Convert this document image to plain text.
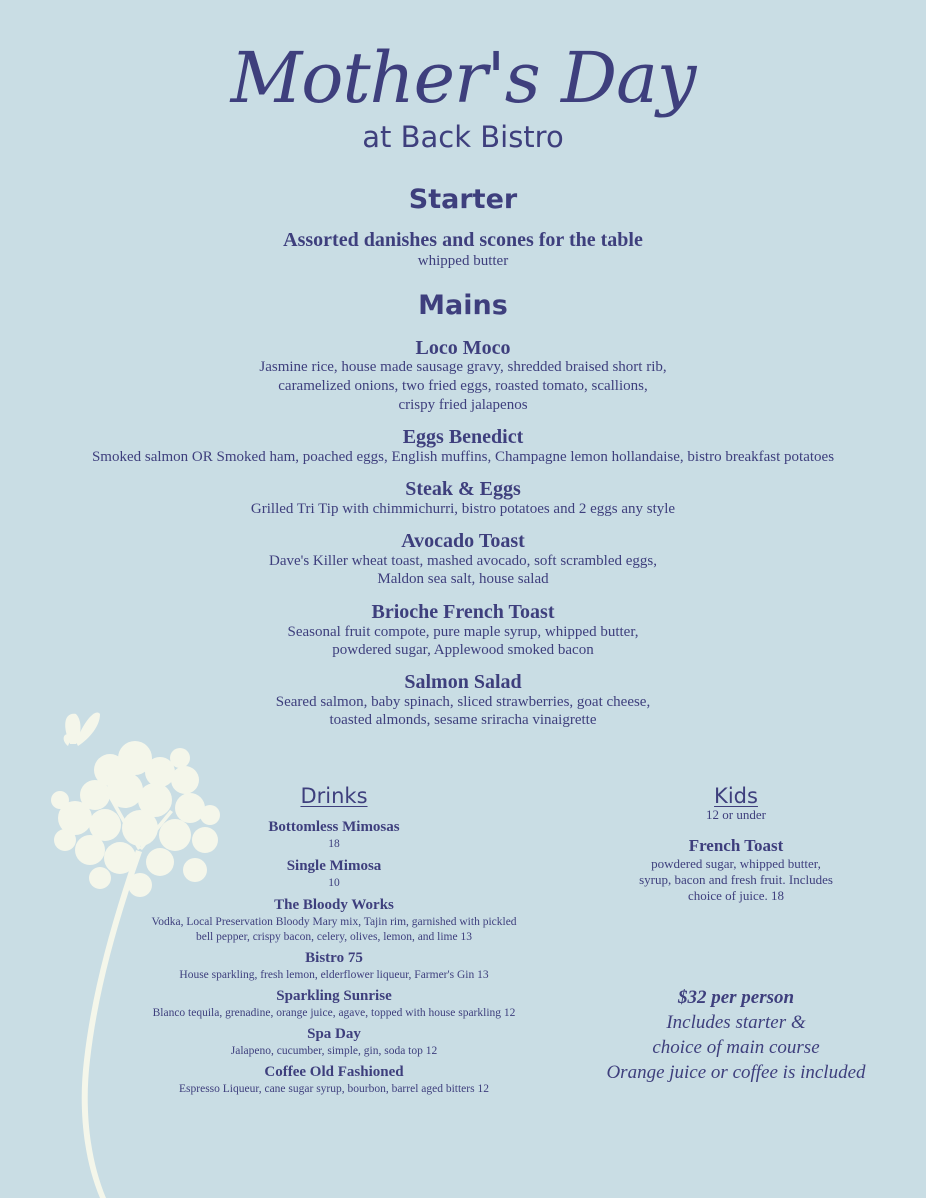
Mother's Day
at Back Bistro
Starter
Assorted danishes and scones for the table
whipped butter
Mains
Loco Moco
Jasmine rice, house made sausage gravy, shredded braised short rib,
caramelized onions, two fried eggs, roasted tomato, scallions,
crispy fried jalapenos
Eggs Benedict
Smoked salmon OR Smoked ham, poached eggs, English muffins, Champagne lemon hollandaise, bistro breakfast potatoes
Steak & Eggs
Grilled Tri Tip with chimmichurri, bistro potatoes and 2 eggs any style
Avocado Toast
Dave's Killer wheat toast, mashed avocado, soft scrambled eggs,
Maldon sea salt, house salad
Brioche French Toast
Seasonal fruit compote, pure maple syrup, whipped butter,
powdered sugar, Applewood smoked bacon
Salmon Salad
Seared salmon, baby spinach, sliced strawberries, goat cheese,
toasted almonds, sesame sriracha vinaigrette
Drinks
Bottomless Mimosas
18
Single Mimosa
10
The Bloody Works
Vodka, Local Preservation Bloody Mary mix, Tajin rim, garnished with pickled
bell pepper, crispy bacon, celery, olives, lemon, and lime 13
Bistro 75
House sparkling, fresh lemon, elderflower liqueur, Farmer's Gin 13
Sparkling Sunrise
Blanco tequila, grenadine, orange juice, agave, topped with house sparkling 12
Spa Day
Jalapeno, cucumber, simple, gin, soda top 12
Coffee Old Fashioned
Espresso Liqueur, cane sugar syrup, bourbon, barrel aged bitters 12
Kids
12 or under
French Toast
powdered sugar, whipped butter,
syrup, bacon and fresh fruit. Includes
choice of juice. 18
$32 per person
Includes starter &
choice of main course
Orange juice or coffee is included
